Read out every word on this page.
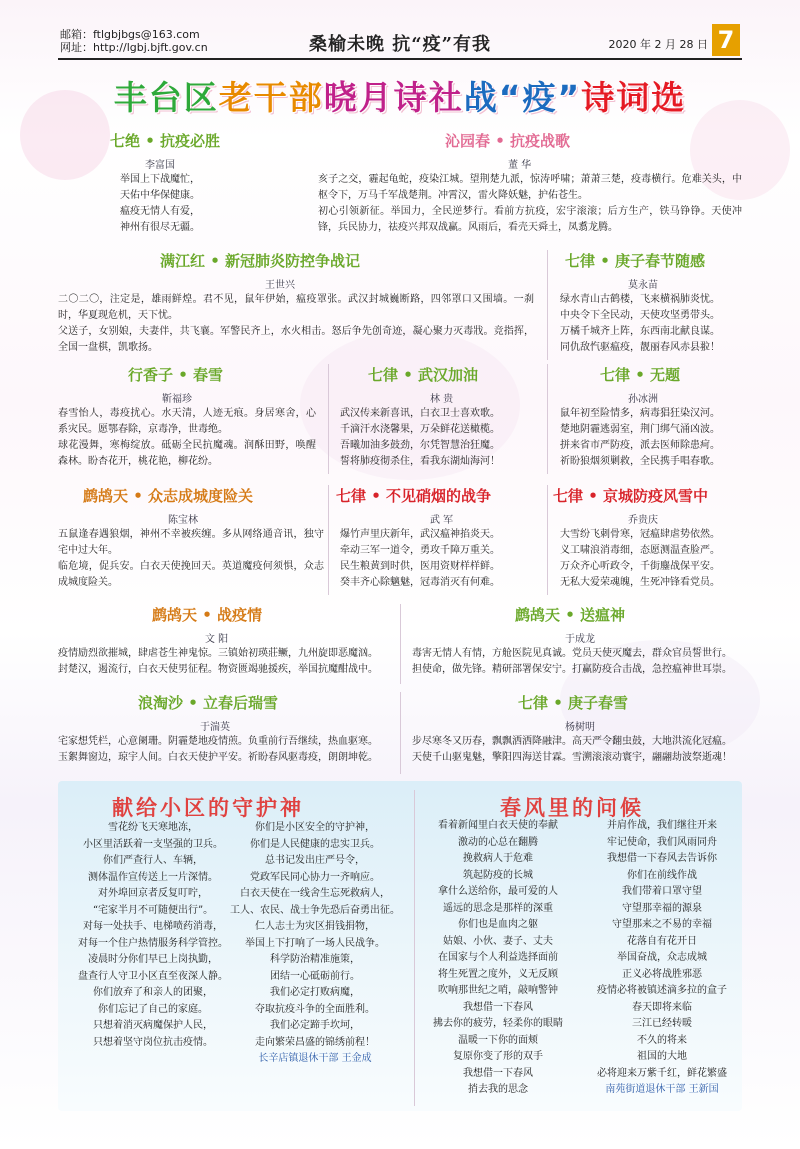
邮箱：ftlgbjbgs@163.com
网址：http://lgbj.bjft.gov.cn	桑榆未晚 抗“疫”有我	2020 年 2 月 28 日 7
丰台区老干部晓月诗社战“疫”诗词选
七绝 • 抗疫必胜
李富国
举国上下战魔忙，
天佑中华保健康。
瘟疫无情人有爱，
神州有很尽无疆。
沁园春 • 抗疫战歌
董 华

亥子之交，霾起龟蛇，疫染江城。望荆楚九派，惊涛呼啸；萧萧三楚，疫毒横行。危难关头，中枢令下，万马千军战楚荆。冲霄汉，雷火降妖魅，护佑苍生。

初心引领新征。举国力，全民逆梦行。看前方抗疫，宏宇滚滚；后方生产，铁马铮铮。天使冲锋，兵民协力，祛疫兴邦双战赢。风雨后，看壳天舜土，凤翥龙腾。

满江红 • 新冠肺炎防控争战记
王世兴

二〇二〇，注定是，雄雨鲜煌。君不见，鼠年伊始，瘟疫罩张。武汉封城巍断路，四邻罩口又围墙。一刹时，华夏现危机，天下忧。

父送子，女别娘，夫妻伴，共飞襄。军警民齐上，水火相击。怒后争先创奇迹，凝心聚力灭毒戕。竞指挥，全国一盘棋，凯歌扬。

七律 • 庚子春节随感
莫永苗
绿水青山古鹤楼，飞来横祸肺炎忧。
中央令下全民动，天使攻坚勇带头。
万橘千城齐上阵，东西南北献良谋。
同仇敌忾驱瘟疫，靓丽春风赤县翋！
行香子 • 春雪
靳福珍

春雪怡人，毒疫扰心。水天清，人迹无痕。身居寒舍，心系灾民。愿鄂春除，京毒净，世毒绝。

球花漫舞，寒梅绽放。砥砺全民抗魔魂。润酥田野，唤醒森林。盼杏花开，桃花艳，柳花纷。

七律 • 武汉加油
林 贵
武汉传来新喜讯，白衣卫士喜欢歌。
千滴汗水浇馨果，万朵鲜花送橄榄。
吾曦加油多鼓劲，尔凭智慧治狂魔。
誓将肺疫彻杀住，看我东湖灿海河！
七律 • 无题
孙冰洲
鼠年初至险情多，病毒猖狂染汉河。
楚地阴霾逃弱室，荆门绑气涌凶波。
拼来省市严防疫，派去医师除患疴。
祈盼狼烟须剿救，全民携手唱春歌。
鹧鸪天 • 众志成城度险关
陈宝林

五鼠逢春遇狼烟，神州不幸被疾缠。多从网络通音讯，独守宅中过大年。

临危境，促兵安。白衣天使挽回天。英道魔疫何须惧，众志成城度险关。

七律 • 不见硝烟的战争
武 军
爆竹声里庆新年，武汉瘟神掐炎天。
牵动三军一道令，勇攻千障万重关。
民生粮黄到时供，医用资财样样鲜。
癸丰齐心除魑魅，冠毒消灭有何难。
七律 • 京城防疫风雪中
乔贵庆
大雪纷飞刺骨寒，冠瘟肆虐势依然。
义工啸浪消毒细，态愿测温查脸严。
万众齐心听政令，千街鏖战保平安。
无私大爱荣魂魄，生死冲锋看党员。
鹧鸪天 • 战疫情
文 阳

疫情励烈欲摧城，肆虐苍生神鬼惊。三镇始初瑛莊鳜，九州旋即恶魔汹。

封楚汉，遏流行，白衣天使男征程。物资匮竭驰援疾，举国抗魔酣战中。

鹧鸪天 • 送瘟神
于成龙

毒害无情人有情，方舱医院见真诚。党员天使灭魔去，群众官员誓世行。

担使命，做先锋。精研部署保安宁。打赢防疫合击战，急控瘟神世耳崇。

浪淘沙 • 立春后瑞雪
于湍英

宅家想凭栏，心意阑珊。阴霾楚地疫情煎。负重前行吾继续，热血驱寒。

玉絮舞窗边，琼宇人间。白衣天使护平安。祈盼春风驱毒疫，朗朗坤乾。

七律 • 庚子春雪
杨树明

步尽寒冬又历春，飘飘洒洒降融津。高天严令翻虫鼓，大地洪流化冠瘟。

天使千山驱鬼魅，擎阳四海送甘霖。雪溯滚滚动寰宇，翮翮劫波祭逝魂！

献给小区的守护神
雪花纷飞天寒地冻，
小区里活跃着一支坚强的卫兵。
你们严查行人、车辆，
测体温作宣传送上一片深情。
对外埠回京者反复叮咛，
“宅家半月不可随便出行”。
对每一处扶手、电梯喷药消毒，
对每一个住户热情服务科学管控。
凌晨时分你们早已上岗执勤，
盘查行人守卫小区直至夜深人静。
你们放弃了和亲人的团聚，
你们忘记了自己的家庭。
只想着消灭病魔保护人民，
只想着坚守岗位抗击疫情。
你们是小区安全的守护神，
你们是人民健康的忠实卫兵。
总书记发出庄严号令，
党政军民同心协力一齐响应。
白衣天使在一线舍生忘死救病人，
工人、农民、战士争先恐后奋勇出征。
仁人志士为灾区捐钱捐物，
举国上下打响了一场人民战争。
科学防治精准施策，
团结一心砥砺前行。
我们必定打败病魔，
夺取抗疫斗争的全面胜利。
我们必定蹄手坎坷，
走向繁荣昌盛的锦绣前程！
长辛店镇退休干部 王金成
春风里的问候
看着新闻里白衣天使的奉献
激动的心总在翻腾
挽救病人于危难
筑起防疫的长城
拿什么送给你，最可爱的人
遥远的思念是那样的深重
你们也是血肉之躯
姑娘、小伙、妻子、丈夫
在国家与个人利益选择面前
将生死置之度外，义无反顾
吹响那世纪之哨，敲响警钟
我想借一下春风
拂去你的疲劳，轻柔你的眼睛
温暖一下你的面颊
复原你变了形的双手
我想借一下春风
捎去我的思念
并肩作战，我们继往开来
牢记使命，我们风雨同舟
我想借一下春风去告诉你
你们在前线作战
我们带着口罩守望
守望那幸福的源泉
守望那来之不易的幸福
花落自有花开日
举国奋战，众志成城
正义必将战胜邪恶
疫情必将被镇述滴多拉的盒子
春天即将来临
三江已经转暖
不久的将来
祖国的大地
必将迎来万紫千红，鲜花繁盛
南苑街道退休干部 王新国
